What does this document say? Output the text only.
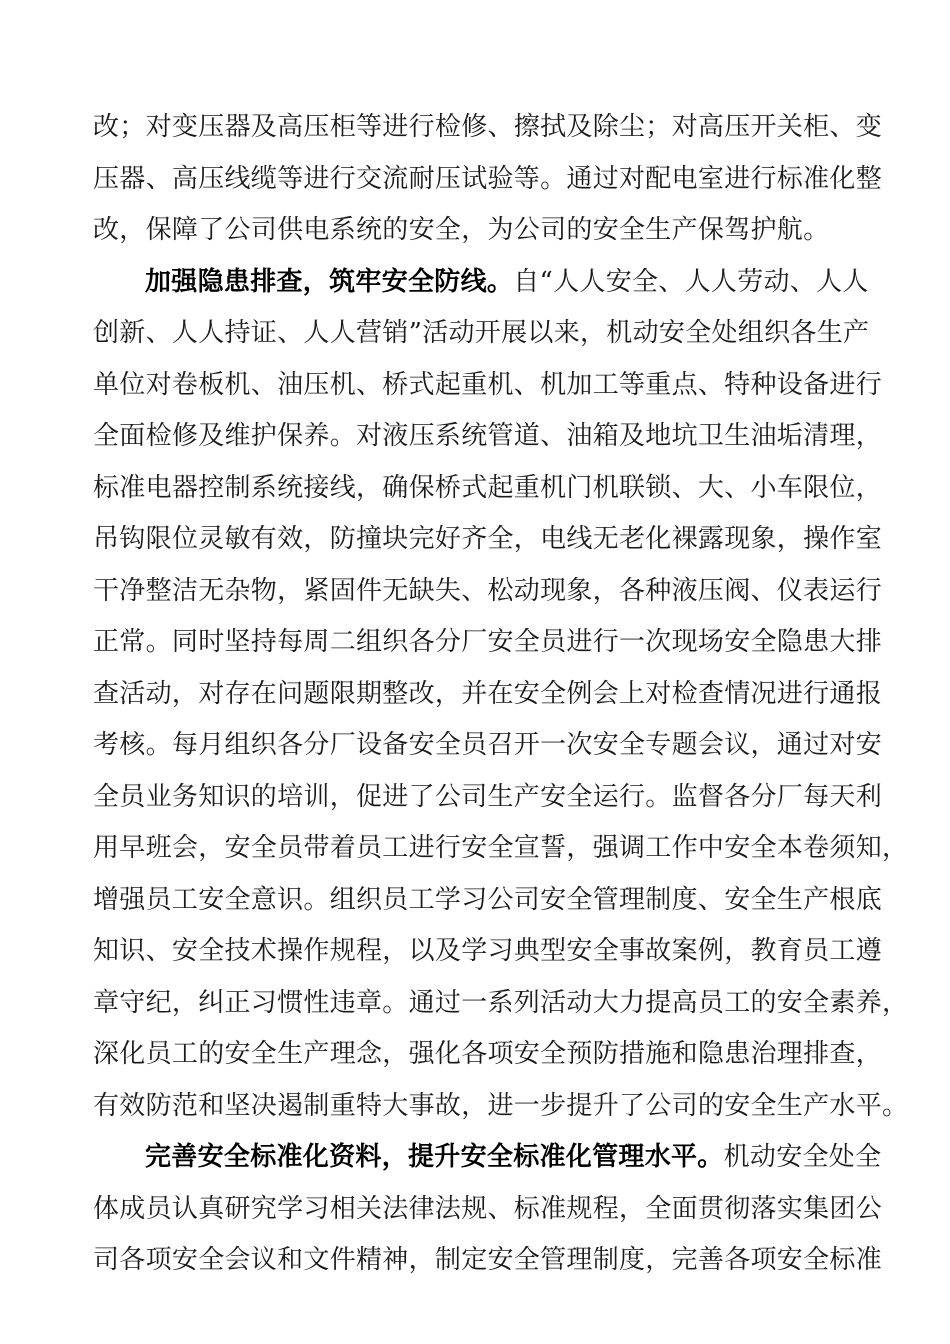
改；对变压器及高压柜等进行检修、擦拭及除尘；对高压开关柜、变
压器、高压线缆等进行交流耐压试验等。通过对配电室进行标准化整
改，保障了公司供电系统的安全，为公司的安全生产保驾护航。
加强隐患排查，筑牢安全防线。自“人人安全、人人劳动、人人
创新、人人持证、人人营销”活动开展以来，机动安全处组织各生产
单位对卷板机、油压机、桥式起重机、机加工等重点、特种设备进行
全面检修及维护保养。对液压系统管道、油箱及地坑卫生油垢清理，
标准电器控制系统接线，确保桥式起重机门机联锁、大、小车限位，
吊钩限位灵敏有效，防撞块完好齐全，电线无老化裸露现象，操作室
干净整洁无杂物，紧固件无缺失、松动现象，各种液压阀、仪表运行
正常。同时坚持每周二组织各分厂安全员进行一次现场安全隐患大排
查活动，对存在问题限期整改，并在安全例会上对检查情况进行通报
考核。每月组织各分厂设备安全员召开一次安全专题会议，通过对安
全员业务知识的培训，促进了公司生产安全运行。监督各分厂每天利
用早班会，安全员带着员工进行安全宣誓，强调工作中安全本卷须知，
增强员工安全意识。组织员工学习公司安全管理制度、安全生产根底
知识、安全技术操作规程，以及学习典型安全事故案例，教育员工遵
章守纪，纠正习惯性违章。通过一系列活动大力提高员工的安全素养，
深化员工的安全生产理念，强化各项安全预防措施和隐患治理排查，
有效防范和坚决遏制重特大事故，进一步提升了公司的安全生产水平。
完善安全标准化资料，提升安全标准化管理水平。机动安全处全
体成员认真研究学习相关法律法规、标准规程，全面贯彻落实集团公
司各项安全会议和文件精神，制定安全管理制度，完善各项安全标准
